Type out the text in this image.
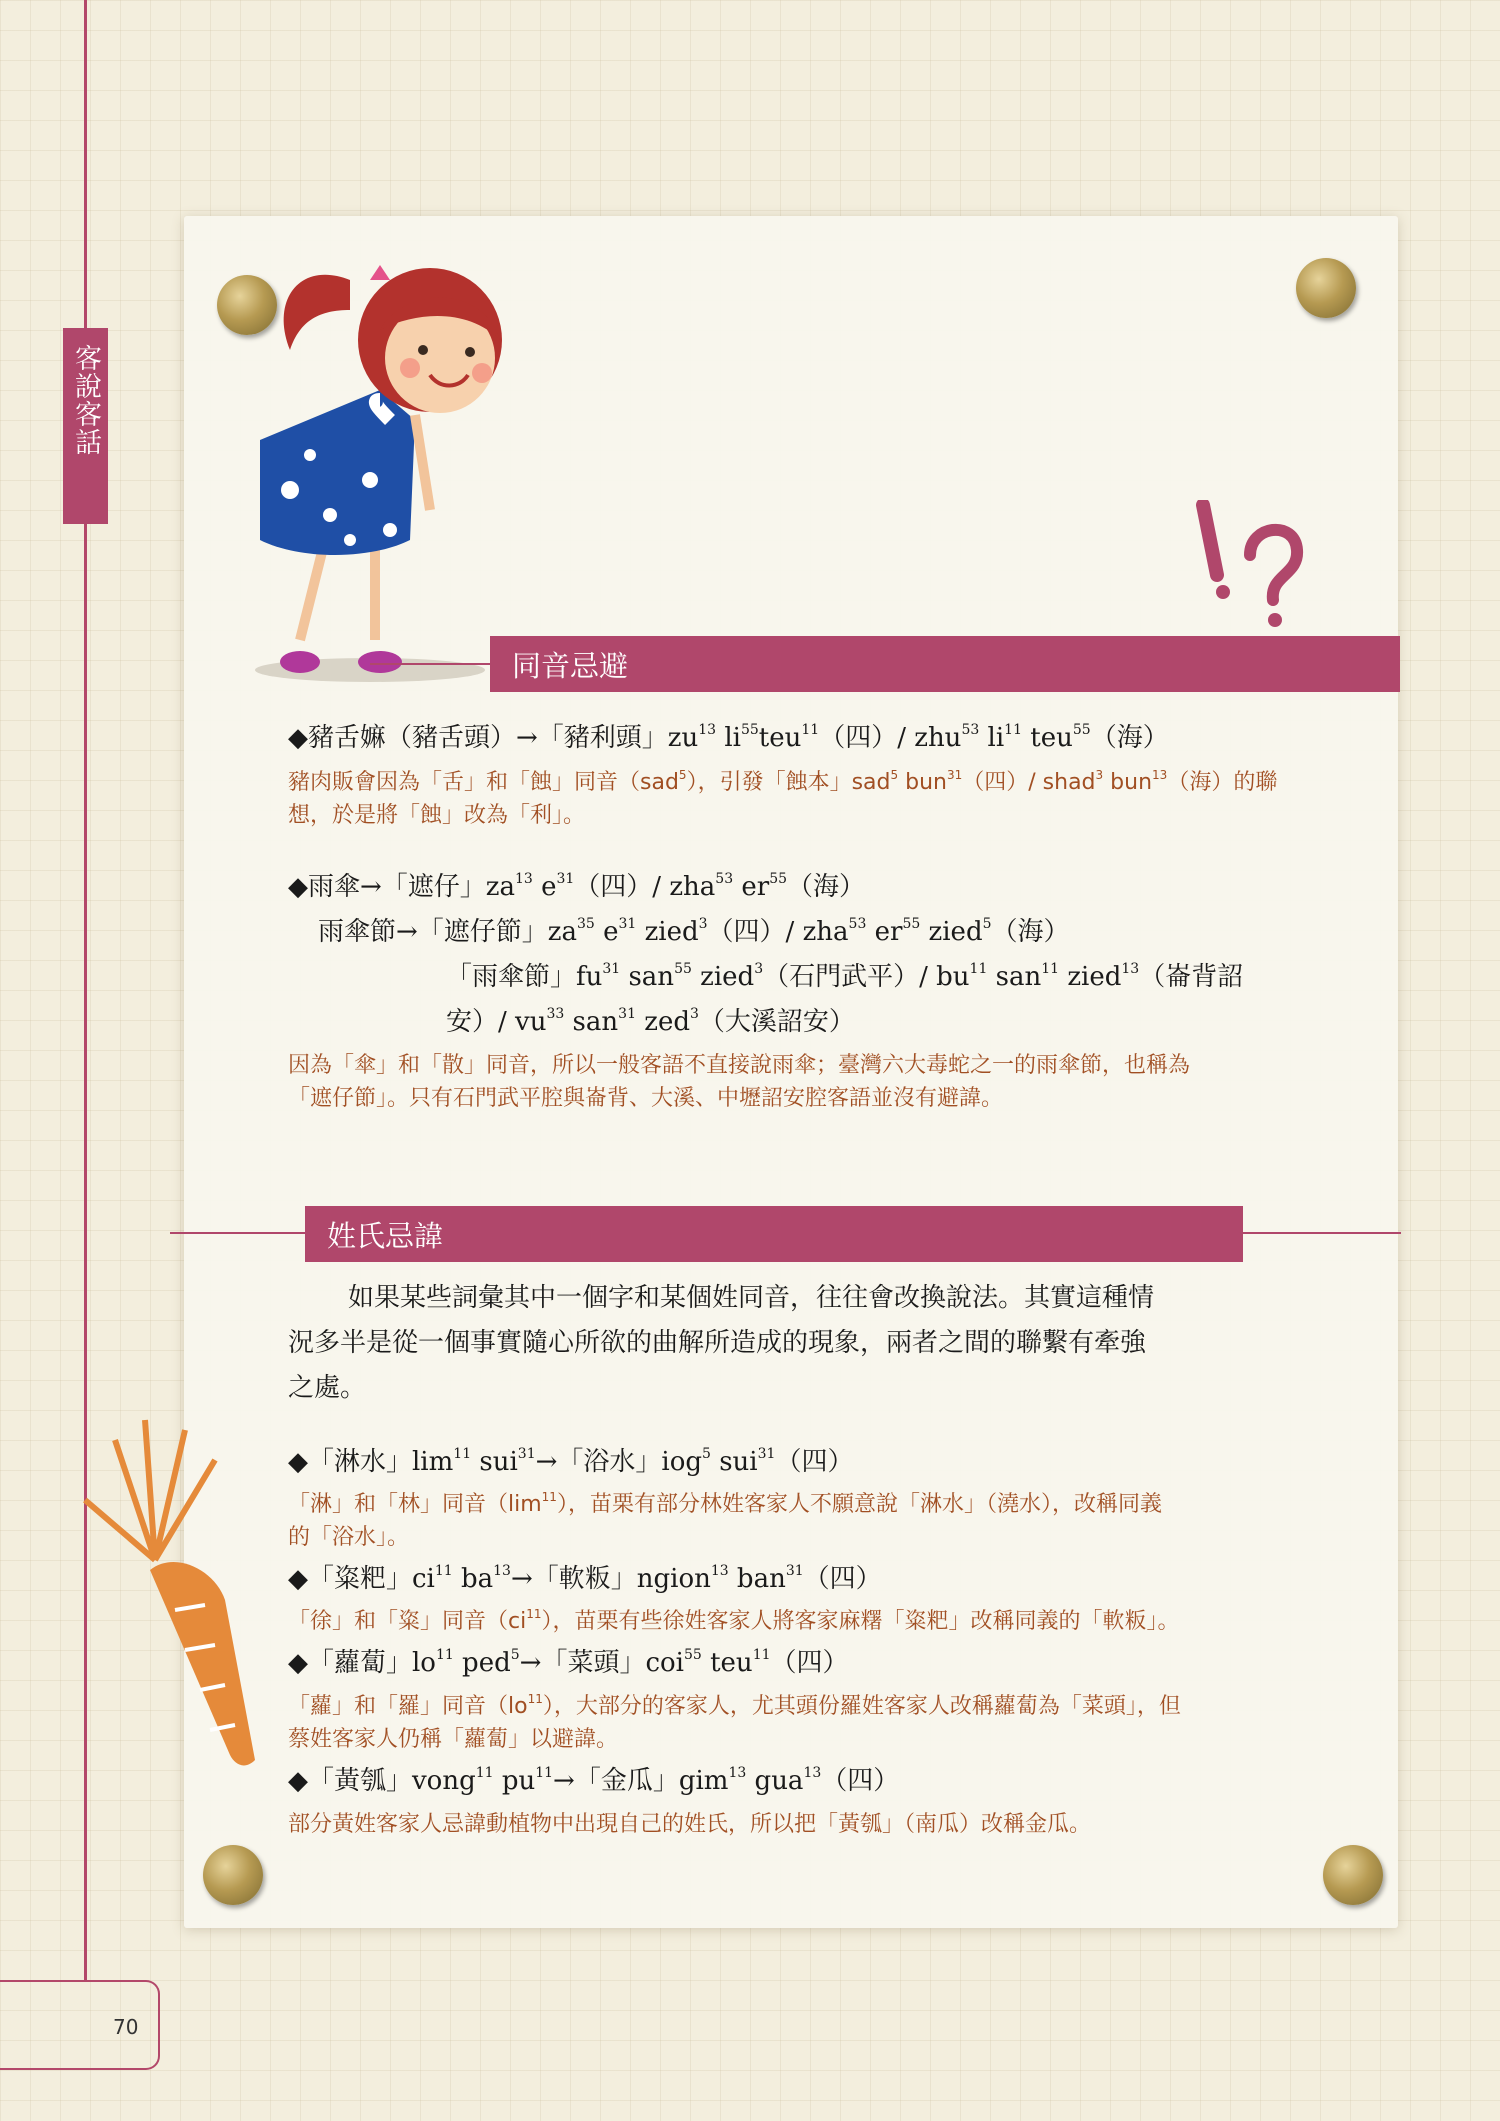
客說客話
同音忌避
◆豬舌嫲（豬舌頭）→「豬利頭」$zu^{13}$ $li^{55}teu^{11}$（四）/ zhu$^{53}$ $li^{11}$ teu$^{55}$（海）
豬肉販會因為「舌」和「蝕」同音（sad$^5$），引發「蝕本」sad$^5$ bun$^{31}$（四）/ shad$^3$ bun$^{13}$（海）的聯想，於是將「蝕」改為「利」。
◆雨傘→「遮仔」$za^{13}$ $e^{31}$（四）/ zha$^{53}$ $er^{55}$（海）
雨傘節→「遮仔節」$za^{35}$ $e^{31}$ zied$^3$（四）/ zha$^{53}$ $er^{55}$ zied$^5$（海）
「雨傘節」$fu^{31}$ san$^{55}$ zied$^3$（石門武平）/ $bu^{11}$ san$^{11}$ zied$^{13}$（崙背詔
安）/ $vu^{33}$ san$^{31}$ zed$^3$（大溪詔安）
因為「傘」和「散」同音，所以一般客語不直接說雨傘；臺灣六大毒蛇之一的雨傘節，也稱為
「遮仔節」。只有石門武平腔與崙背、大溪、中壢詔安腔客語並沒有避諱。
姓氏忌諱
如果某些詞彙其中一個字和某個姓同音，往往會改換說法。其實這種情
況多半是從一個事實隨心所欲的曲解所造成的現象，兩者之間的聯繫有牽強
之處。
◆「淋水」$\lim^{11} sui^{31}\to$「浴水」iog$^5$ sui$^{31}$（四）
「淋」和「林」同音$(\lim^{11})$，苗栗有部分林姓客家人不願意說「淋水」（澆水），改稱同義
的「浴水」。
◆「粢粑」$ci^{11}$ $ba^{13}\to$「軟粄」ngion$^{13}$ ban$^{31}$（四）
「徐」和「粢」同音$(ci^{11})$，苗栗有些徐姓客家人將客家麻糬「粢粑」改稱同義的「軟粄」。
◆「蘿蔔」$lo^{11}$ ped$^5$→「菜頭」coi$^{55}$ teu$^{11}$（四）
「蘿」和「羅」同音$(lo^{11})$，大部分的客家人，尤其頭份羅姓客家人改稱蘿蔔為「菜頭」，但
蔡姓客家人仍稱「蘿蔔」以避諱。
◆「黃瓠」vong$^{11}$ $pu^{11}\to$「金瓜」gim$^{13}$ gua$^{13}$（四）
部分黃姓客家人忌諱動植物中出現自己的姓氏，所以把「黃瓠」（南瓜）改稱金瓜。
70
